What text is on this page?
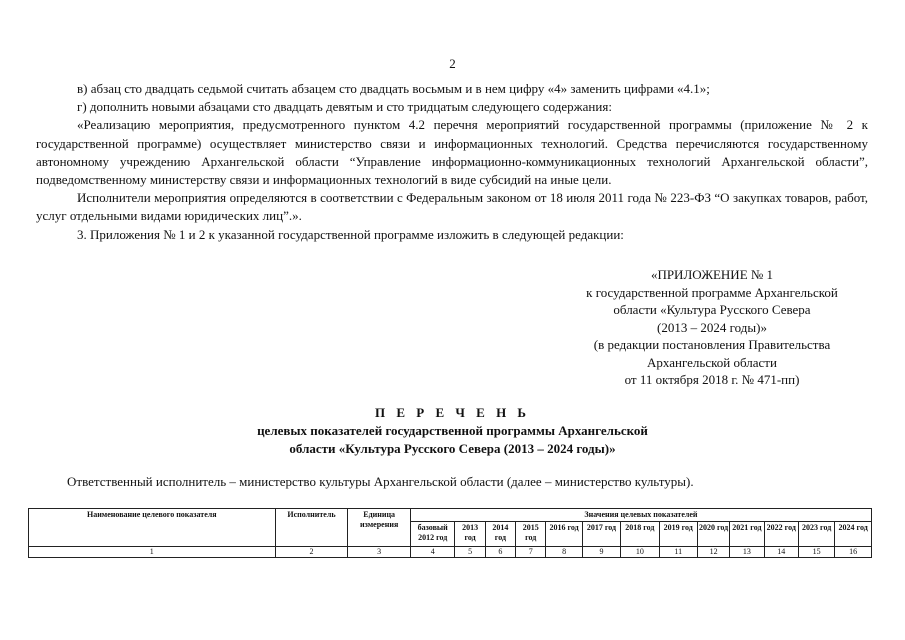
2

в) абзац сто двадцать седьмой считать абзацем сто двадцать восьмым и в нем цифру «4» заменить цифрами «4.1»;

г) дополнить новыми абзацами сто двадцать девятым и сто тридцатым следующего содержания:

«Реализацию мероприятия, предусмотренного пунктом 4.2 перечня мероприятий государственной программы (приложение № 2 к государственной программе) осуществляет министерство связи и информационных технологий. Средства перечисляются государственному автономному учреждению Архангельской области “Управление информационно-коммуникационных технологий Архангельской области”, подведомственному министерству связи и информационных технологий в виде субсидий на иные цели.

Исполнители мероприятия определяются в соответствии с Федеральным законом от 18 июля 2011 года № 223-ФЗ “О закупках товаров, работ, услуг отдельными видами юридических лиц”.».

3. Приложения № 1 и 2 к указанной государственной программе изложить в следующей редакции:

«ПРИЛОЖЕНИЕ № 1
к государственной программе Архангельской
области «Культура Русского Севера
(2013 – 2024 годы)»
(в редакции постановления Правительства
Архангельской области
от 11 октября 2018 г. № 471-пп)
П Е Р Е Ч Е Н Ь
целевых показателей государственной программы Архангельской
области «Культура Русского Севера (2013 – 2024 годы)»
Ответственный исполнитель – министерство культуры Архангельской области (далее – министерство культуры).
Наименование целевого показателя	Исполнитель	Единица измерения	Значения целевых показателей												
			базовый 2012 год	2013 год	2014 год	2015 год	2016 год	2017 год	2018 год	2019 год	2020 год	2021 год	2022 год	2023 год	2024 год
1	2	3	4	5	6	7	8	9	10	11	12	13	14	15	16
